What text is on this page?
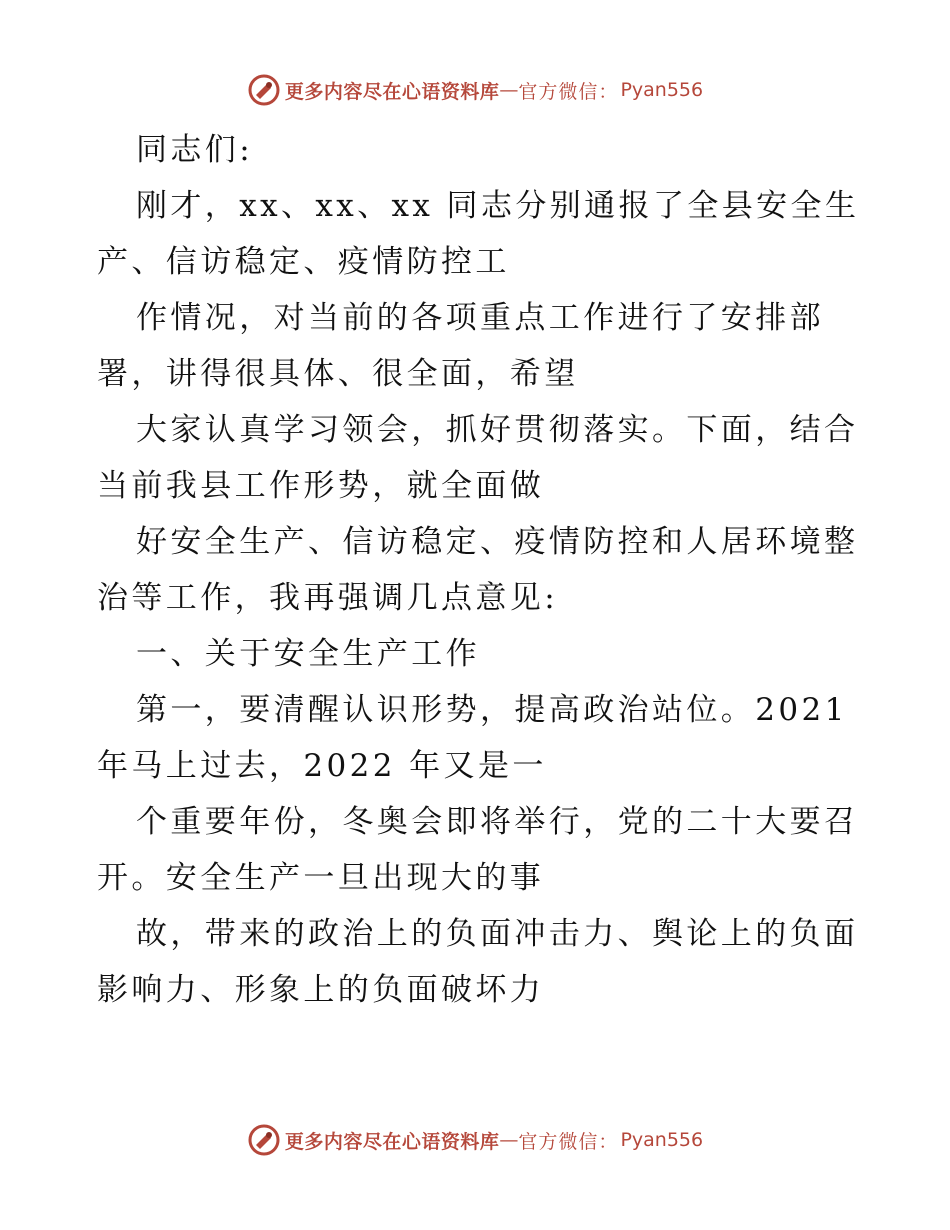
更多内容尽在心语资料库 — 官方微信： Pyan556
同志们:
刚才，xx、xx、xx 同志分别通报了全县安全生
产、信访稳定、疫情防控工
作情况，对当前的各项重点工作进行了安排部
署，讲得很具体、很全面，希望
大家认真学习领会，抓好贯彻落实。下面，结合
当前我县工作形势，就全面做
好安全生产、信访稳定、疫情防控和人居环境整
治等工作，我再强调几点意见:
一、关于安全生产工作
第一，要清醒认识形势，提高政治站位。2021
年马上过去，2022 年又是一
个重要年份，冬奥会即将举行，党的二十大要召
开。安全生产一旦出现大的事
故，带来的政治上的负面冲击力、舆论上的负面
影响力、形象上的负面破坏力
更多内容尽在心语资料库 — 官方微信： Pyan556
